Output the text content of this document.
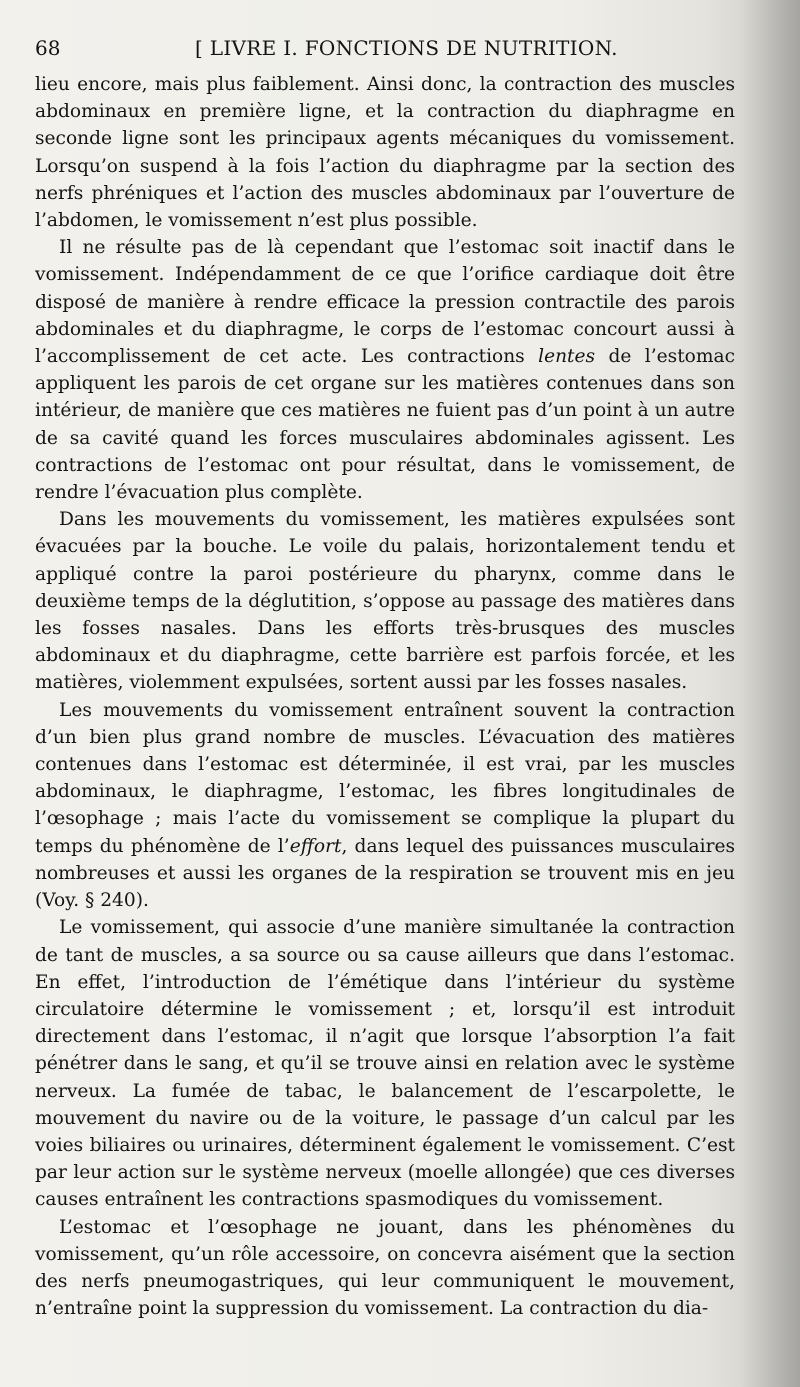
68	[ LIVRE I. FONCTIONS DE NUTRITION.

lieu encore, mais plus faiblement. Ainsi donc, la contraction des muscles abdominaux en première ligne, et la contraction du diaphragme en seconde ligne sont les principaux agents mécaniques du vomissement. Lorsqu’on suspend à la fois l’action du diaphragme par la section des nerfs phréniques et l’action des muscles abdominaux par l’ouverture de l’abdomen, le vomissement n’est plus possible.

Il ne résulte pas de là cependant que l’estomac soit inactif dans le vomissement. Indépendamment de ce que l’orifice cardiaque doit être disposé de manière à rendre efficace la pression contractile des parois abdominales et du diaphragme, le corps de l’estomac concourt aussi à l’accomplissement de cet acte. Les contractions lentes de l’estomac appliquent les parois de cet organe sur les matières contenues dans son intérieur, de manière que ces matières ne fuient pas d’un point à un autre de sa cavité quand les forces musculaires abdominales agissent. Les contractions de l’estomac ont pour résultat, dans le vomissement, de rendre l’évacuation plus complète.

Dans les mouvements du vomissement, les matières expulsées sont évacuées par la bouche. Le voile du palais, horizontalement tendu et appliqué contre la paroi postérieure du pharynx, comme dans le deuxième temps de la déglutition, s’oppose au passage des matières dans les fosses nasales. Dans les efforts très-brusques des muscles abdominaux et du diaphragme, cette barrière est parfois forcée, et les matières, violemment expulsées, sortent aussi par les fosses nasales.

Les mouvements du vomissement entraînent souvent la contraction d’un bien plus grand nombre de muscles. L’évacuation des matières contenues dans l’estomac est déterminée, il est vrai, par les muscles abdominaux, le diaphragme, l’estomac, les fibres longitudinales de l’œsophage ; mais l’acte du vomissement se complique la plupart du temps du phénomène de l’effort, dans lequel des puissances musculaires nombreuses et aussi les organes de la respiration se trouvent mis en jeu (Voy. § 240).

Le vomissement, qui associe d’une manière simultanée la contraction de tant de muscles, a sa source ou sa cause ailleurs que dans l’estomac. En effet, l’introduction de l’émétique dans l’intérieur du système circulatoire détermine le vomissement ; et, lorsqu’il est introduit directement dans l’estomac, il n’agit que lorsque l’absorption l’a fait pénétrer dans le sang, et qu’il se trouve ainsi en relation avec le système nerveux. La fumée de tabac, le balancement de l’escarpolette, le mouvement du navire ou de la voiture, le passage d’un calcul par les voies biliaires ou urinaires, déterminent également le vomissement. C’est par leur action sur le système nerveux (moelle allongée) que ces diverses causes entraînent les contractions spasmodiques du vomissement.

L’estomac et l’œsophage ne jouant, dans les phénomènes du vomissement, qu’un rôle accessoire, on concevra aisément que la section des nerfs pneumogastriques, qui leur communiquent le mouvement, n’entraîne point la suppression du vomissement. La contraction du dia-
